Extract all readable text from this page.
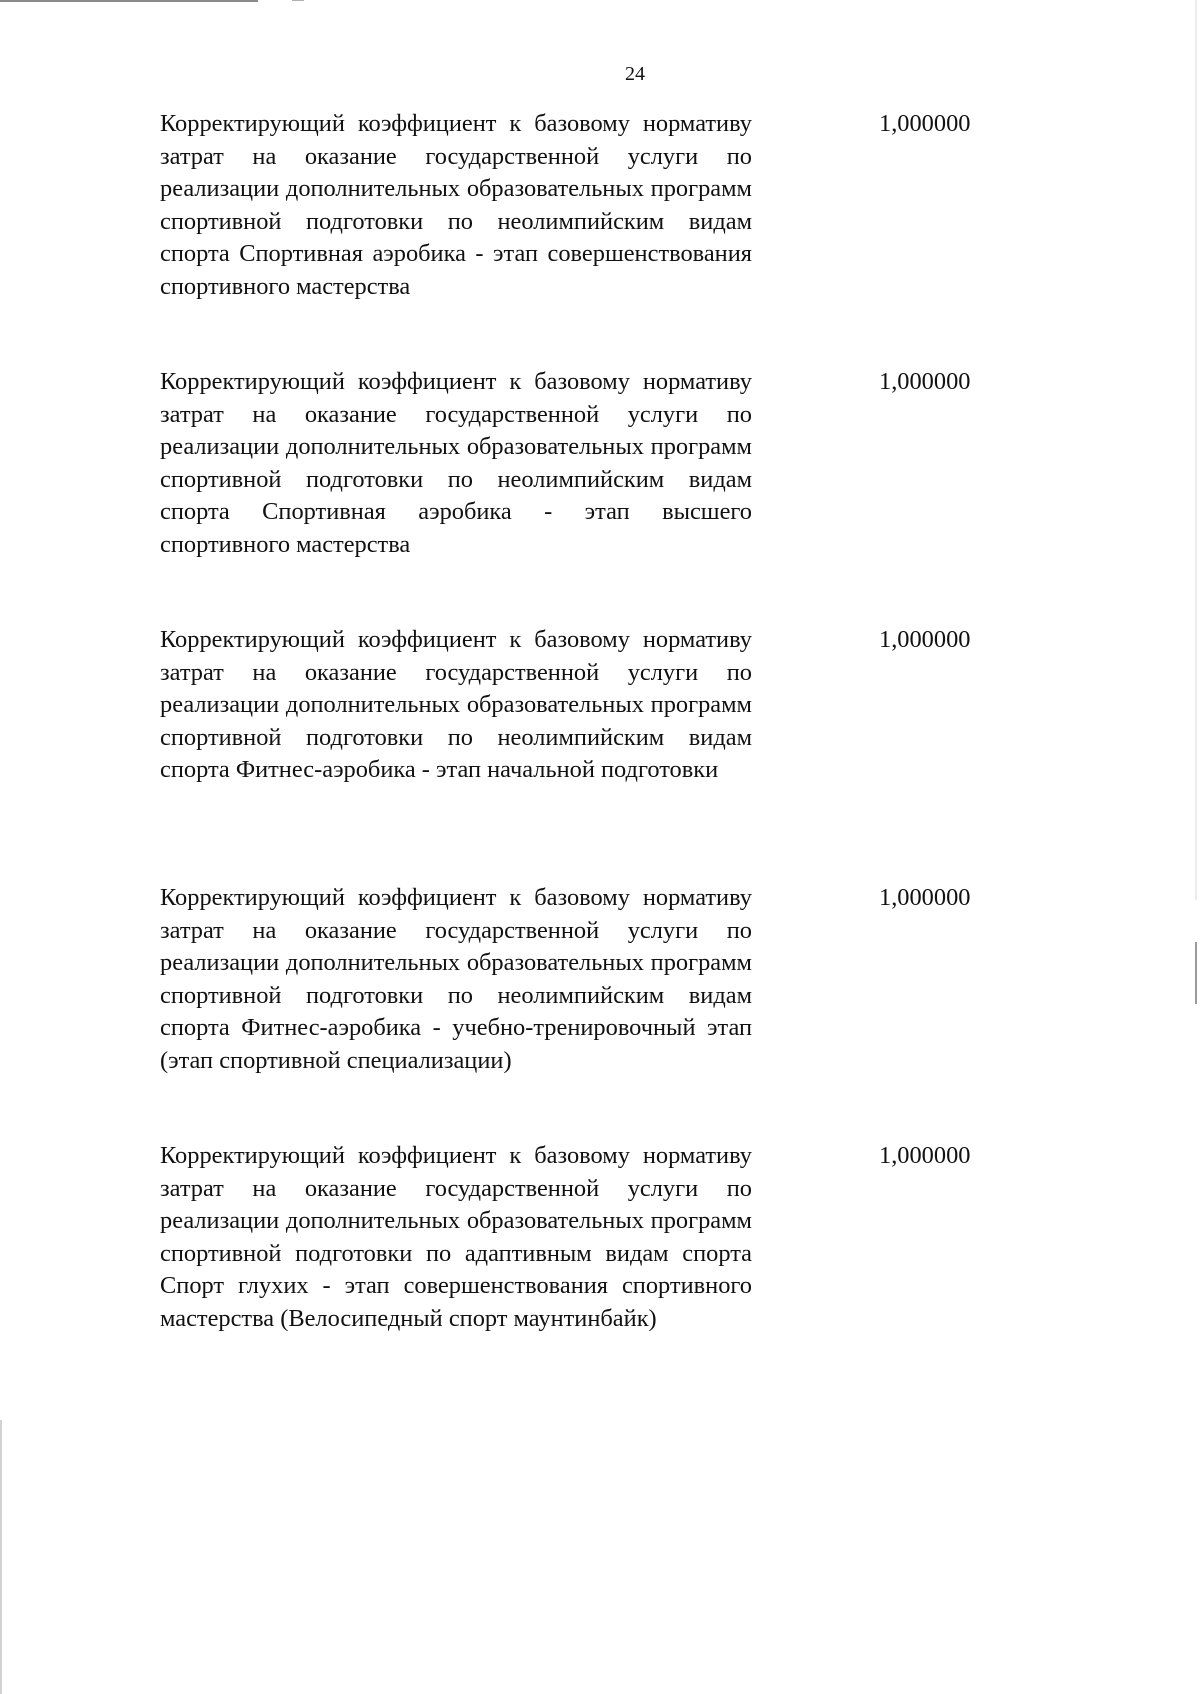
24
Корректирующий коэффициент к базовому нормативу затрат на оказание государственной услуги по реализации дополнительных образовательных программ спортивной подготовки по неолимпийским видам спорта Спортивная аэробика - этап совершенствования спортивного мастерства
1,000000
Корректирующий коэффициент к базовому нормативу затрат на оказание государственной услуги по реализации дополнительных образовательных программ спортивной подготовки по неолимпийским видам спорта Спортивная аэробика - этап высшего спортивного мастерства
1,000000
Корректирующий коэффициент к базовому нормативу затрат на оказание государственной услуги по реализации дополнительных образовательных программ спортивной подготовки по неолимпийским видам спорта Фитнес-аэробика - этап начальной подготовки
1,000000
Корректирующий коэффициент к базовому нормативу затрат на оказание государственной услуги по реализации дополнительных образовательных программ спортивной подготовки по неолимпийским видам спорта Фитнес-аэробика - учебно-тренировочный этап (этап спортивной специализации)
1,000000
Корректирующий коэффициент к базовому нормативу затрат на оказание государственной услуги по реализации дополнительных образовательных программ спортивной подготовки по адаптивным видам спорта Спорт глухих - этап совершенствования спортивного мастерства (Велосипедный спорт маунтинбайк)
1,000000
